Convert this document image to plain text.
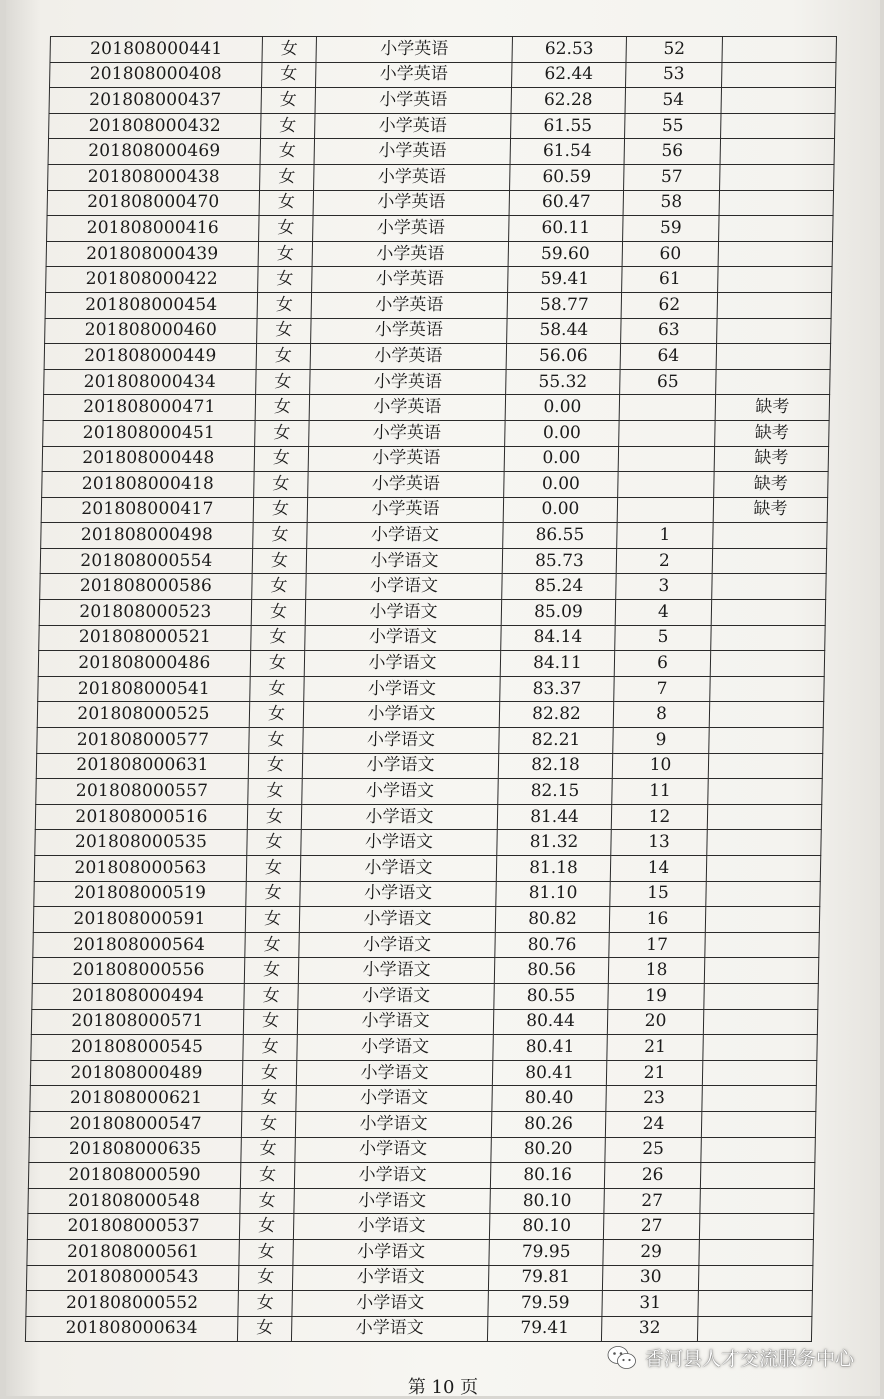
201808000441	女	小学英语	62.53	52	
201808000408	女	小学英语	62.44	53	
201808000437	女	小学英语	62.28	54	
201808000432	女	小学英语	61.55	55	
201808000469	女	小学英语	61.54	56	
201808000438	女	小学英语	60.59	57	
201808000470	女	小学英语	60.47	58	
201808000416	女	小学英语	60.11	59	
201808000439	女	小学英语	59.60	60	
201808000422	女	小学英语	59.41	61	
201808000454	女	小学英语	58.77	62	
201808000460	女	小学英语	58.44	63	
201808000449	女	小学英语	56.06	64	
201808000434	女	小学英语	55.32	65	
201808000471	女	小学英语	0.00		缺考
201808000451	女	小学英语	0.00		缺考
201808000448	女	小学英语	0.00		缺考
201808000418	女	小学英语	0.00		缺考
201808000417	女	小学英语	0.00		缺考
201808000498	女	小学语文	86.55	1	
201808000554	女	小学语文	85.73	2	
201808000586	女	小学语文	85.24	3	
201808000523	女	小学语文	85.09	4	
201808000521	女	小学语文	84.14	5	
201808000486	女	小学语文	84.11	6	
201808000541	女	小学语文	83.37	7	
201808000525	女	小学语文	82.82	8	
201808000577	女	小学语文	82.21	9	
201808000631	女	小学语文	82.18	10	
201808000557	女	小学语文	82.15	11	
201808000516	女	小学语文	81.44	12	
201808000535	女	小学语文	81.32	13	
201808000563	女	小学语文	81.18	14	
201808000519	女	小学语文	81.10	15	
201808000591	女	小学语文	80.82	16	
201808000564	女	小学语文	80.76	17	
201808000556	女	小学语文	80.56	18	
201808000494	女	小学语文	80.55	19	
201808000571	女	小学语文	80.44	20	
201808000545	女	小学语文	80.41	21	
201808000489	女	小学语文	80.41	21	
201808000621	女	小学语文	80.40	23	
201808000547	女	小学语文	80.26	24	
201808000635	女	小学语文	80.20	25	
201808000590	女	小学语文	80.16	26	
201808000548	女	小学语文	80.10	27	
201808000537	女	小学语文	80.10	27	
201808000561	女	小学语文	79.95	29	
201808000543	女	小学语文	79.81	30	
201808000552	女	小学语文	79.59	31	
201808000634	女	小学语文	79.41	32	
第 10 页
香河县人才交流服务中心
